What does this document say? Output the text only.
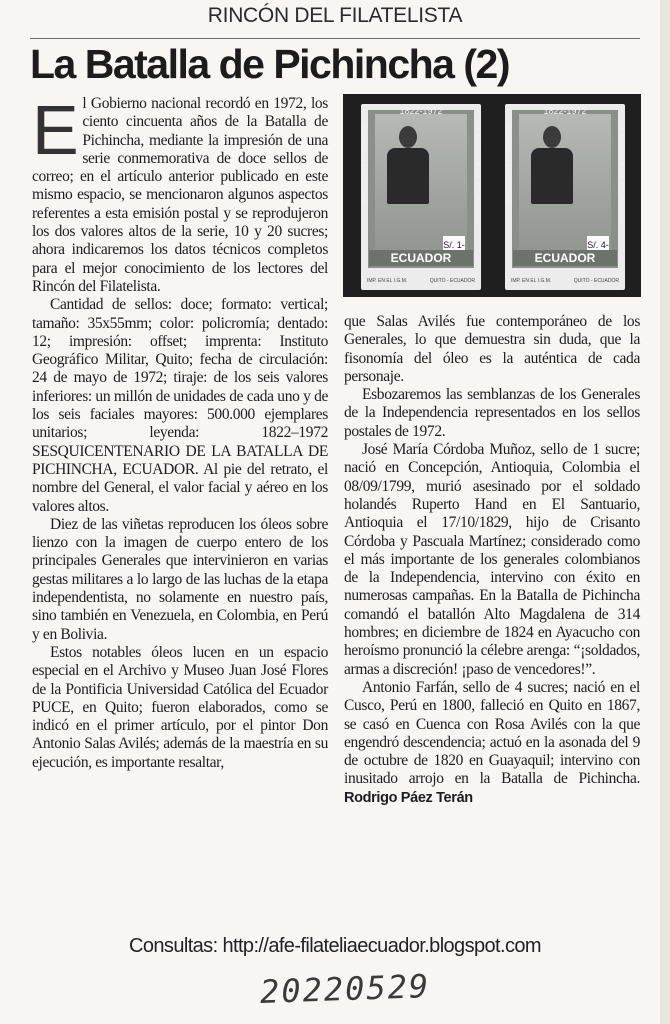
RINCÓN DEL FILATELISTA
La Batalla de Pichincha (2)

El Gobierno nacional recordó en 1972, los ciento cincuenta años de la Batalla de Pichincha, mediante la impresión de una serie conmemorativa de doce sellos de correo; en el artículo anterior publicado en este mismo espacio, se mencionaron algunos aspectos referentes a esta emisión postal y se reprodujeron los dos valores altos de la serie, 10 y 20 sucres; ahora indicaremos los datos técnicos completos para el mejor conocimiento de los lectores del Rincón del Filatelista.

Cantidad de sellos: doce; formato: vertical; tamaño: 35x55mm; color: policromía; dentado: 12; impresión: offset; imprenta: Instituto Geográfico Militar, Quito; fecha de circulación: 24 de mayo de 1972; tiraje: de los seis valores inferiores: un millón de unidades de cada uno y de los seis faciales mayores: 500.000 ejemplares unitarios; leyenda: 1822–1972 SESQUICENTENARIO DE LA BATALLA DE PICHINCHA, ECUADOR. Al pie del retrato, el nombre del General, el valor facial y aéreo en los valores altos.

Diez de las viñetas reproducen los óleos sobre lienzo con la imagen de cuerpo entero de los principales Generales que intervinieron en varias gestas militares a lo largo de las luchas de la etapa independentista, no solamente en nuestro país, sino también en Venezuela, en Colombia, en Perú y en Bolivia.

Estos notables óleos lucen en un espacio especial en el Archivo y Museo Juan José Flores de la Pontificia Universidad Católica del Ecuador PUCE, en Quito; fueron elaborados, como se indicó en el primer artículo, por el pintor Don Antonio Salas Avilés; además de la maestría en su ejecución, es importante resaltar,

1822-1972
SESQUICENTENARIO	LA BATALLA DE PICHINCHA
S/. 1-
ECUADOR
IMP. EN EL I.G.M.	QUITO - ECUADOR
1822-1972
SESQUICENTENARIO	LA BATALLA DE PICHINCHA
S/. 4-
ECUADOR
IMP. EN EL I.G.M.	QUITO - ECUADOR

que Salas Avilés fue contemporáneo de los Generales, lo que demuestra sin duda, que la fisonomía del óleo es la auténtica de cada personaje.

Esbozaremos las semblanzas de los Generales de la Independencia representados en los sellos postales de 1972.

José María Córdoba Muñoz, sello de 1 sucre; nació en Concepción, Antioquia, Colombia el 08/09/1799, murió asesinado por el soldado holandés Ruperto Hand en El Santuario, Antioquia el 17/10/1829, hijo de Crisanto Córdoba y Pascuala Martínez; considerado como el más importante de los generales colombianos de la Independencia, intervino con éxito en numerosas campañas. En la Batalla de Pichincha comandó el batallón Alto Magdalena de 314 hombres; en diciembre de 1824 en Ayacucho con heroísmo pronunció la célebre arenga: “¡soldados, armas a discreción! ¡paso de vencedores!”.

Antonio Farfán, sello de 4 sucres; nació en el Cusco, Perú en 1800, falleció en Quito en 1867, se casó en Cuenca con Rosa Avilés con la que engendró descendencia; actuó en la asonada del 9 de octubre de 1820 en Guayaquil; intervino con inusitado arrojo en la Batalla de Pichincha. Rodrigo Páez Terán

Consultas: http://afe-filateliaecuador.blogspot.com
20220529
